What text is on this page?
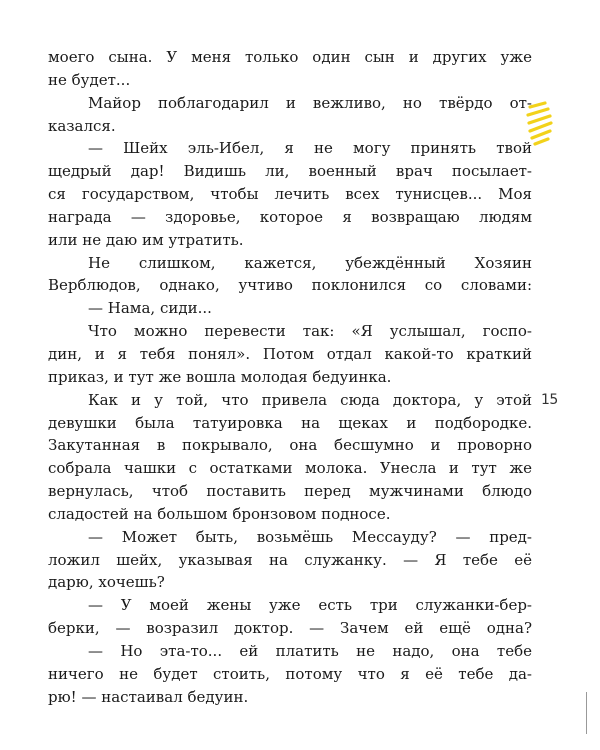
моего сына. У меня только один сын и других уже
не будет...
Майор поблагодарил и вежливо, но твёрдо от-
казался.
— Шейх эль-Ибел, я не могу принять твой
щедрый дар! Видишь ли, военный врач посылает-
ся государством, чтобы лечить всех тунисцев... Моя
награда — здоровье, которое я возвращаю людям
или не даю им утратить.
Не слишком, кажется, убеждённый Хозяин
Верблюдов, однако, учтиво поклонился со словами:
— Нама, сиди...
Что можно перевести так: «Я услышал, госпо-
дин, и я тебя понял». Потом отдал какой-то краткий
приказ, и тут же вошла молодая бедуинка.
Как и у той, что привела сюда доктора, у этой
девушки была татуировка на щеках и подбородке.
Закутанная в покрывало, она бесшумно и проворно
собрала чашки с остатками молока. Унесла и тут же
вернулась, чтоб поставить перед мужчинами блюдо
сладостей на большом бронзовом подносе.
— Может быть, возьмёшь Мессауду? — пред-
ложил шейх, указывая на служанку. — Я тебе её
дарю, хочешь?
— У моей жены уже есть три служанки-бер-
берки, — возразил доктор. — Зачем ей ещё одна?
— Но эта-то... ей платить не надо, она тебе
ничего не будет стоить, потому что я её тебе да-
рю! — настаивал бедуин.
15
